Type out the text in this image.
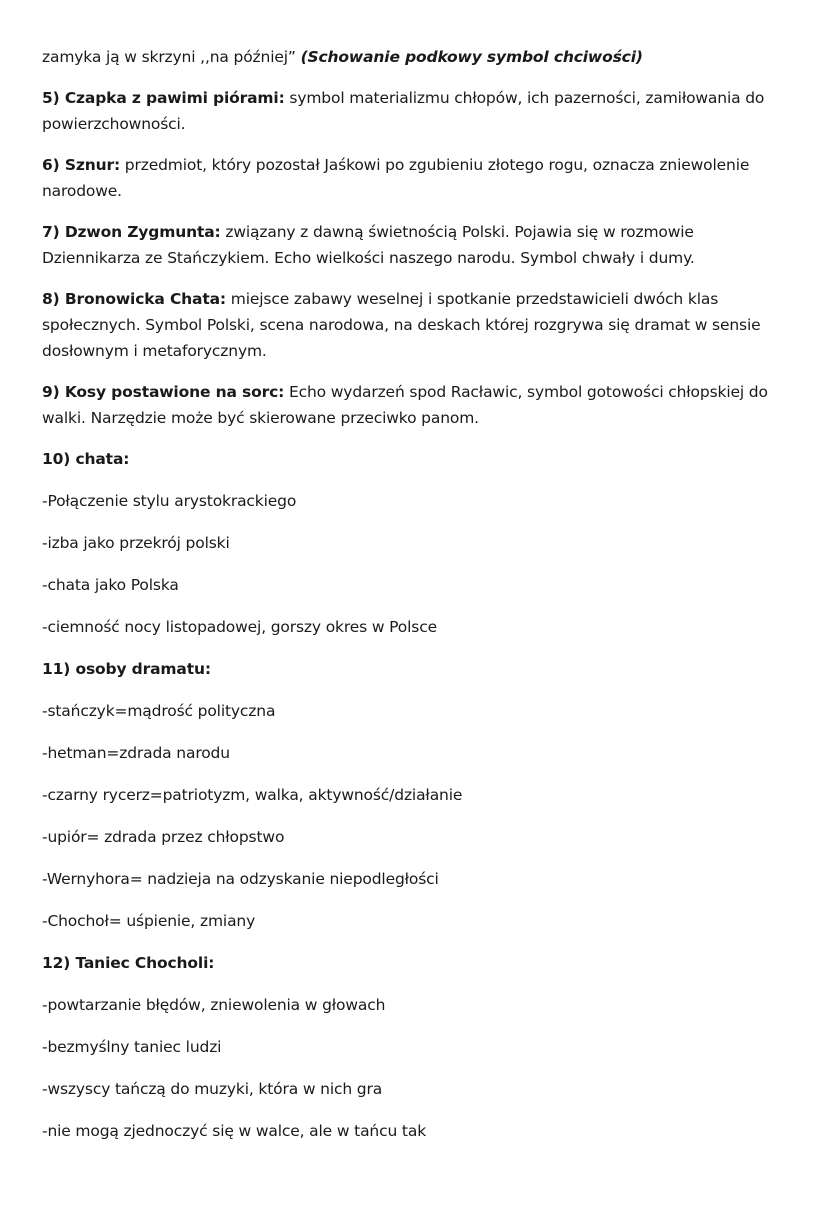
zamyka ją w skrzyni ,,na później” (Schowanie podkowy symbol chciwości)

5) Czapka z pawimi piórami: symbol materializmu chłopów, ich pazerności, zamiłowania do powierzchowności.

6) Sznur: przedmiot, który pozostał Jaśkowi po zgubieniu złotego rogu, oznacza zniewolenie narodowe.

7) Dzwon Zygmunta: związany z dawną świetnością Polski. Pojawia się w rozmowie Dziennikarza ze Stańczykiem. Echo wielkości naszego narodu. Symbol chwały i dumy.

8) Bronowicka Chata: miejsce zabawy weselnej i spotkanie przedstawicieli dwóch klas społecznych. Symbol Polski, scena narodowa, na deskach której rozgrywa się dramat w sensie dosłownym i metaforycznym.

9) Kosy postawione na sorc: Echo wydarzeń spod Racławic, symbol gotowości chłopskiej do walki. Narzędzie może być skierowane przeciwko panom.

10) chata:
-Połączenie stylu arystokrackiego
-izba jako przekrój polski
-chata jako Polska
-ciemność nocy listopadowej, gorszy okres w Polsce
11) osoby dramatu:
-stańczyk=mądrość polityczna
-hetman=zdrada narodu
-czarny rycerz=patriotyzm, walka, aktywność/działanie
-upiór= zdrada przez chłopstwo
-Wernyhora= nadzieja na odzyskanie niepodległości
-Chochoł= uśpienie, zmiany
12) Taniec Chocholi:
-powtarzanie błędów, zniewolenia w głowach
-bezmyślny taniec ludzi
-wszyscy tańczą do muzyki, która w nich gra
-nie mogą zjednoczyć się w walce, ale w tańcu tak
